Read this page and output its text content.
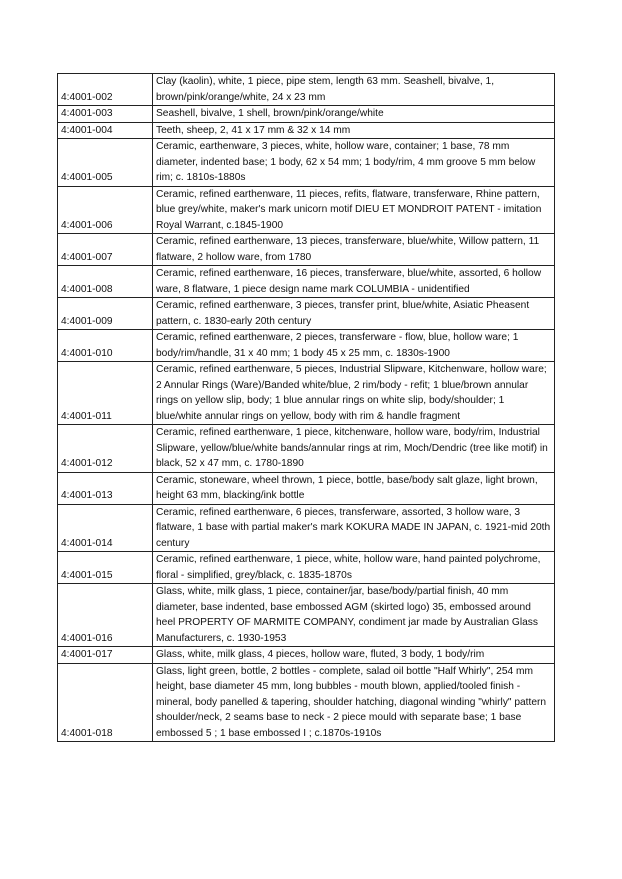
4:4001-002	Clay (kaolin), white, 1 piece, pipe stem, length 63 mm. Seashell, bivalve, 1, brown/pink/orange/white, 24 x 23 mm
4:4001-003	Seashell, bivalve, 1 shell, brown/pink/orange/white
4:4001-004	Teeth, sheep, 2, 41 x 17 mm & 32 x 14 mm
4:4001-005	Ceramic, earthenware, 3 pieces, white, hollow ware, container; 1 base, 78 mm diameter, indented base; 1 body, 62 x 54 mm; 1 body/rim, 4 mm groove 5 mm below rim; c. 1810s-1880s
4:4001-006	Ceramic, refined earthenware, 11 pieces, refits, flatware, transferware, Rhine pattern, blue grey/white, maker's mark unicorn motif DIEU ET MONDROIT PATENT - imitation Royal Warrant, c.1845-1900
4:4001-007	Ceramic, refined earthenware, 13 pieces, transferware, blue/white, Willow pattern, 11 flatware, 2 hollow ware, from 1780
4:4001-008	Ceramic, refined earthenware, 16 pieces, transferware, blue/white, assorted, 6 hollow ware, 8 flatware, 1 piece design name mark COLUMBIA - unidentified
4:4001-009	Ceramic, refined earthenware, 3 pieces, transfer print, blue/white, Asiatic Pheasent pattern, c. 1830-early 20th century
4:4001-010	Ceramic, refined earthenware, 2 pieces, transferware - flow, blue, hollow ware; 1 body/rim/handle, 31 x 40 mm; 1 body 45 x 25 mm, c. 1830s-1900
4:4001-011	Ceramic, refined earthenware, 5 pieces, Industrial Slipware, Kitchenware, hollow ware; 2 Annular Rings (Ware)/Banded white/blue, 2 rim/body - refit; 1 blue/brown annular rings on yellow slip, body; 1 blue annular rings on white slip, body/shoulder; 1 blue/white annular rings on yellow, body with rim & handle fragment
4:4001-012	Ceramic, refined earthenware, 1 piece, kitchenware, hollow ware, body/rim, Industrial Slipware, yellow/blue/white bands/annular rings at rim, Moch/Dendric (tree like motif) in black, 52 x 47 mm, c. 1780-1890
4:4001-013	Ceramic, stoneware, wheel thrown, 1 piece, bottle, base/body salt glaze, light brown, height 63 mm, blacking/ink bottle
4:4001-014	Ceramic, refined earthenware, 6 pieces, transferware, assorted, 3 hollow ware, 3 flatware, 1 base with partial maker's mark KOKURA MADE IN JAPAN, c. 1921-mid 20th century
4:4001-015	Ceramic, refined earthenware, 1 piece, white, hollow ware, hand painted polychrome, floral - simplified, grey/black, c. 1835-1870s
4:4001-016	Glass, white, milk glass, 1 piece, container/jar, base/body/partial finish, 40 mm diameter, base indented, base embossed AGM (skirted logo) 35, embossed around heel PROPERTY OF MARMITE COMPANY, condiment jar made by Australian Glass Manufacturers, c. 1930-1953
4:4001-017	Glass, white, milk glass, 4 pieces, hollow ware, fluted, 3 body, 1 body/rim
4:4001-018	Glass, light green, bottle, 2 bottles - complete, salad oil bottle "Half Whirly", 254 mm height, base diameter 45 mm, long bubbles - mouth blown, applied/tooled finish - mineral, body panelled & tapering, shoulder hatching, diagonal winding "whirly" pattern shoulder/neck, 2 seams base to neck - 2 piece mould with separate base; 1 base embossed 5 ; 1 base embossed I ; c.1870s-1910s
